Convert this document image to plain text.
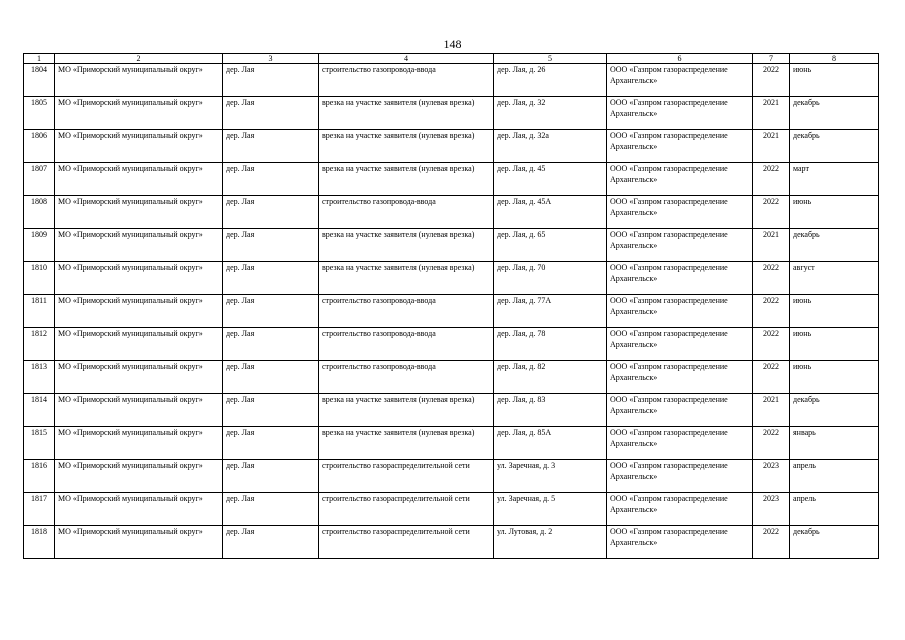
148
1	2	3	4	5	6	7	8
1804	МО «Приморский муниципальный округ»	дер. Лая	строительство газопровода-ввода	дер. Лая, д. 26	ООО «Газпром газораспределение Архангельск»	2022	июнь
1805	МО «Приморский муниципальный округ»	дер. Лая	врезка на участке заявителя (нулевая врезка)	дер. Лая, д. 32	ООО «Газпром газораспределение Архангельск»	2021	декабрь
1806	МО «Приморский муниципальный округ»	дер. Лая	врезка на участке заявителя (нулевая врезка)	дер. Лая, д. 32а	ООО «Газпром газораспределение Архангельск»	2021	декабрь
1807	МО «Приморский муниципальный округ»	дер. Лая	врезка на участке заявителя (нулевая врезка)	дер. Лая, д. 45	ООО «Газпром газораспределение Архангельск»	2022	март
1808	МО «Приморский муниципальный округ»	дер. Лая	строительство газопровода-ввода	дер. Лая, д. 45А	ООО «Газпром газораспределение Архангельск»	2022	июнь
1809	МО «Приморский муниципальный округ»	дер. Лая	врезка на участке заявителя (нулевая врезка)	дер. Лая, д. 65	ООО «Газпром газораспределение Архангельск»	2021	декабрь
1810	МО «Приморский муниципальный округ»	дер. Лая	врезка на участке заявителя (нулевая врезка)	дер. Лая, д. 70	ООО «Газпром газораспределение Архангельск»	2022	август
1811	МО «Приморский муниципальный округ»	дер. Лая	строительство газопровода-ввода	дер. Лая, д. 77А	ООО «Газпром газораспределение Архангельск»	2022	июнь
1812	МО «Приморский муниципальный округ»	дер. Лая	строительство газопровода-ввода	дер. Лая, д. 78	ООО «Газпром газораспределение Архангельск»	2022	июнь
1813	МО «Приморский муниципальный округ»	дер. Лая	строительство газопровода-ввода	дер. Лая, д. 82	ООО «Газпром газораспределение Архангельск»	2022	июнь
1814	МО «Приморский муниципальный округ»	дер. Лая	врезка на участке заявителя (нулевая врезка)	дер. Лая, д. 83	ООО «Газпром газораспределение Архангельск»	2021	декабрь
1815	МО «Приморский муниципальный округ»	дер. Лая	врезка на участке заявителя (нулевая врезка)	дер. Лая, д. 85А	ООО «Газпром газораспределение Архангельск»	2022	январь
1816	МО «Приморский муниципальный округ»	дер. Лая	строительство газораспределительной сети	ул. Заречная, д. 3	ООО «Газпром газораспределение Архангельск»	2023	апрель
1817	МО «Приморский муниципальный округ»	дер. Лая	строительство газораспределительной сети	ул. Заречная, д. 5	ООО «Газпром газораспределение Архангельск»	2023	апрель
1818	МО «Приморский муниципальный округ»	дер. Лая	строительство газораспределительной сети	ул. Лутовая, д. 2	ООО «Газпром газораспределение Архангельск»	2022	декабрь
